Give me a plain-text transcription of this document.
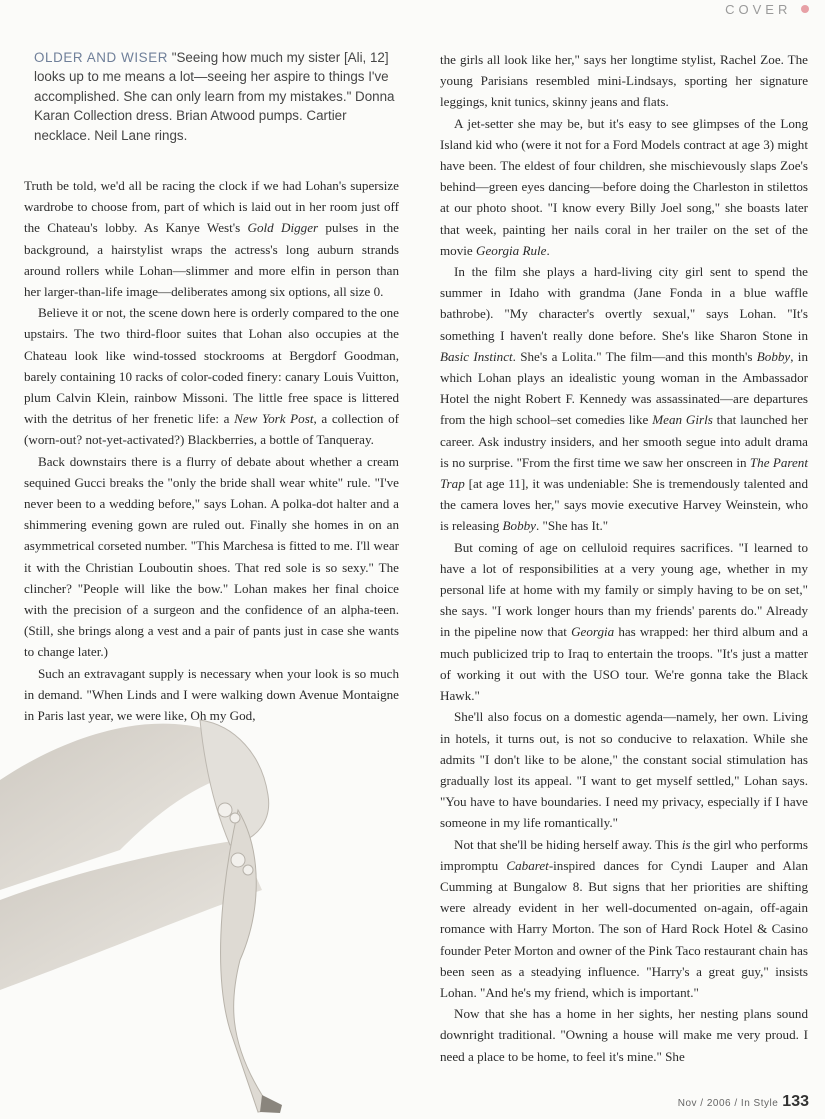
COVER
OLDER AND WISER "Seeing how much my sister [Ali, 12] looks up to me means a lot—seeing her aspire to things I've accomplished. She can only learn from my mistakes." Donna Karan Collection dress. Brian Atwood pumps. Cartier necklace. Neil Lane rings.

Truth be told, we'd all be racing the clock if we had Lohan's supersize wardrobe to choose from, part of which is laid out in her room just off the Chateau's lobby. As Kanye West's Gold Digger pulses in the background, a hairstylist wraps the actress's long auburn strands around rollers while Lohan—slimmer and more elfin in person than her larger-than-life image—deliberates among six options, all size 0.

Believe it or not, the scene down here is orderly compared to the one upstairs. The two third-floor suites that Lohan also occupies at the Chateau look like wind-tossed stockrooms at Bergdorf Goodman, barely containing 10 racks of color-coded finery: canary Louis Vuitton, plum Calvin Klein, rainbow Missoni. The little free space is littered with the detritus of her frenetic life: a New York Post, a collection of (worn-out? not-yet-activated?) Blackberries, a bottle of Tanqueray.

Back downstairs there is a flurry of debate about whether a cream sequined Gucci breaks the "only the bride shall wear white" rule. "I've never been to a wedding before," says Lohan. A polka-dot halter and a shimmering evening gown are ruled out. Finally she homes in on an asymmetrical corseted number. "This Marchesa is fitted to me. I'll wear it with the Christian Louboutin shoes. That red sole is so sexy." The clincher? "People will like the bow." Lohan makes her final choice with the precision of a surgeon and the confidence of an alpha-teen. (Still, she brings along a vest and a pair of pants just in case she wants to change later.)

Such an extravagant supply is necessary when your look is so much in demand. "When Linds and I were walking down Avenue Montaigne in Paris last year, we were like, Oh my God,

the girls all look like her," says her longtime stylist, Rachel Zoe. The young Parisians resembled mini-Lindsays, sporting her signature leggings, knit tunics, skinny jeans and flats.

A jet-setter she may be, but it's easy to see glimpses of the Long Island kid who (were it not for a Ford Models contract at age 3) might have been. The eldest of four children, she mischievously slaps Zoe's behind—green eyes dancing—before doing the Charleston in stilettos at our photo shoot. "I know every Billy Joel song," she boasts later that week, painting her nails coral in her trailer on the set of the movie Georgia Rule.

In the film she plays a hard-living city girl sent to spend the summer in Idaho with grandma (Jane Fonda in a blue waffle bathrobe). "My character's overtly sexual," says Lohan. "It's something I haven't really done before. She's like Sharon Stone in Basic Instinct. She's a Lolita." The film—and this month's Bobby, in which Lohan plays an idealistic young woman in the Ambassador Hotel the night Robert F. Kennedy was assassinated—are departures from the high school–set comedies like Mean Girls that launched her career. Ask industry insiders, and her smooth segue into adult drama is no surprise. "From the first time we saw her onscreen in The Parent Trap [at age 11], it was undeniable: She is tremendously talented and the camera loves her," says movie executive Harvey Weinstein, who is releasing Bobby. "She has It."

But coming of age on celluloid requires sacrifices. "I learned to have a lot of responsibilities at a very young age, whether in my personal life at home with my family or simply having to be on set," she says. "I work longer hours than my friends' parents do." Already in the pipeline now that Georgia has wrapped: her third album and a much publicized trip to Iraq to entertain the troops. "It's just a matter of working it out with the USO tour. We're gonna take the Black Hawk."

She'll also focus on a domestic agenda—namely, her own. Living in hotels, it turns out, is not so conducive to relaxation. While she admits "I don't like to be alone," the constant social stimulation has gradually lost its appeal. "I want to get myself settled," Lohan says. "You have to have boundaries. I need my privacy, especially if I have someone in my life romantically."

Not that she'll be hiding herself away. This is the girl who performs impromptu Cabaret-inspired dances for Cyndi Lauper and Alan Cumming at Bungalow 8. But signs that her priorities are shifting were already evident in her well-documented on-again, off-again romance with Harry Morton. The son of Hard Rock Hotel & Casino founder Peter Morton and owner of the Pink Taco restaurant chain has been seen as a steadying influence. "Harry's a great guy," insists Lohan. "And he's my friend, which is important."

Now that she has a home in her sights, her nesting plans sound downright traditional. "Owning a house will make me very proud. I need a place to be home, to feel it's mine." She

Nov / 2006 / In Style 133
